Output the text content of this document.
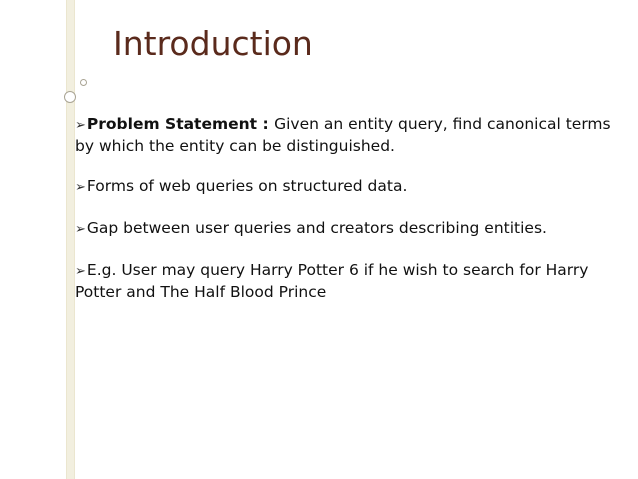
Introduction
➢Problem Statement : Given an entity query, find canonical terms by which the entity can be distinguished.
➢Forms of web queries on structured data.
➢Gap between user queries and creators describing entities.
➢E.g. User may query Harry Potter 6 if he wish to search for Harry Potter and The Half Blood Prince
